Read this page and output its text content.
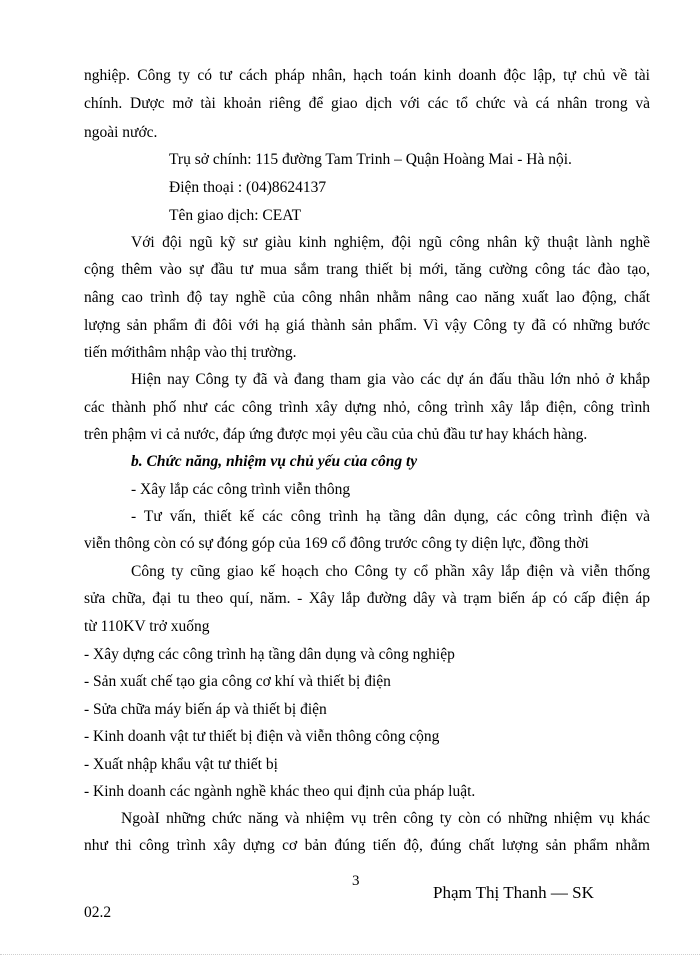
nghiệp. Công ty có tư cách pháp nhân, hạch toán kinh doanh độc lập, tự chủ về tài
chính. Dược mở tài khoản riêng để giao dịch với các tổ chức và cá nhân trong và
ngoài nước.
Trụ sở chính: 115 đường Tam Trinh – Quận Hoàng Mai - Hà nội.
Điện thoại : (04)8624137
Tên giao dịch: CEAT
Với đội ngũ kỹ sư giàu kinh nghiệm, đội ngũ công nhân kỹ thuật lành nghề
cộng thêm vào sự đầu tư mua sắm trang thiết bị mới, tăng cường công tác đào tạo,
nâng cao trình độ tay nghề của công nhân nhằm nâng cao năng xuất lao động, chất
lượng sản phẩm đi đôi với hạ giá thành sản phẩm. Vì vậy Công ty đã có những bước
tiến mớithâm nhập vào thị trường.
Hiện nay Công ty đã và đang tham gia vào các dự án đấu thầu lớn nhỏ ở khắp
các thành phố như các công trình xây dựng nhỏ, công trình xây lắp điện, công trình
trên phậm vi cả nước, đáp ứng được mọi yêu cầu của chủ đầu tư hay khách hàng.
b. Chức năng, nhiệm vụ chủ yếu của công ty
- Xây lắp các công trình viễn thông
- Tư vấn, thiết kế các công trình hạ tầng dân dụng, các công trình điện và
viễn thông còn có sự đóng góp của 169 cổ đông trước công ty diện lực, đồng thời
Công ty cũng giao kế hoạch cho Công ty cổ phần xây lắp điện và viễn thống
sửa chữa, đại tu theo quí, năm. - Xây lắp đường dây và trạm biến áp có cấp điện áp
từ 110KV trở xuống
- Xây dựng các công trình hạ tầng dân dụng và công nghiệp
- Sản xuất chế tạo gia công cơ khí và thiết bị điện
- Sửa chữa máy biến áp và thiết bị điện
- Kinh doanh vật tư thiết bị điện và viễn thông công cộng
- Xuất nhập khẩu vật tư thiết bị
- Kinh doanh các ngành nghề khác theo qui định của pháp luật.
NgoàI những chức năng và nhiệm vụ trên công ty còn có những nhiệm vụ khác
như thi công trình xây dựng cơ bản đúng tiến độ, đúng chất lượng sản phẩm nhằm
3
Phạm Thị Thanh — SK
02.2
